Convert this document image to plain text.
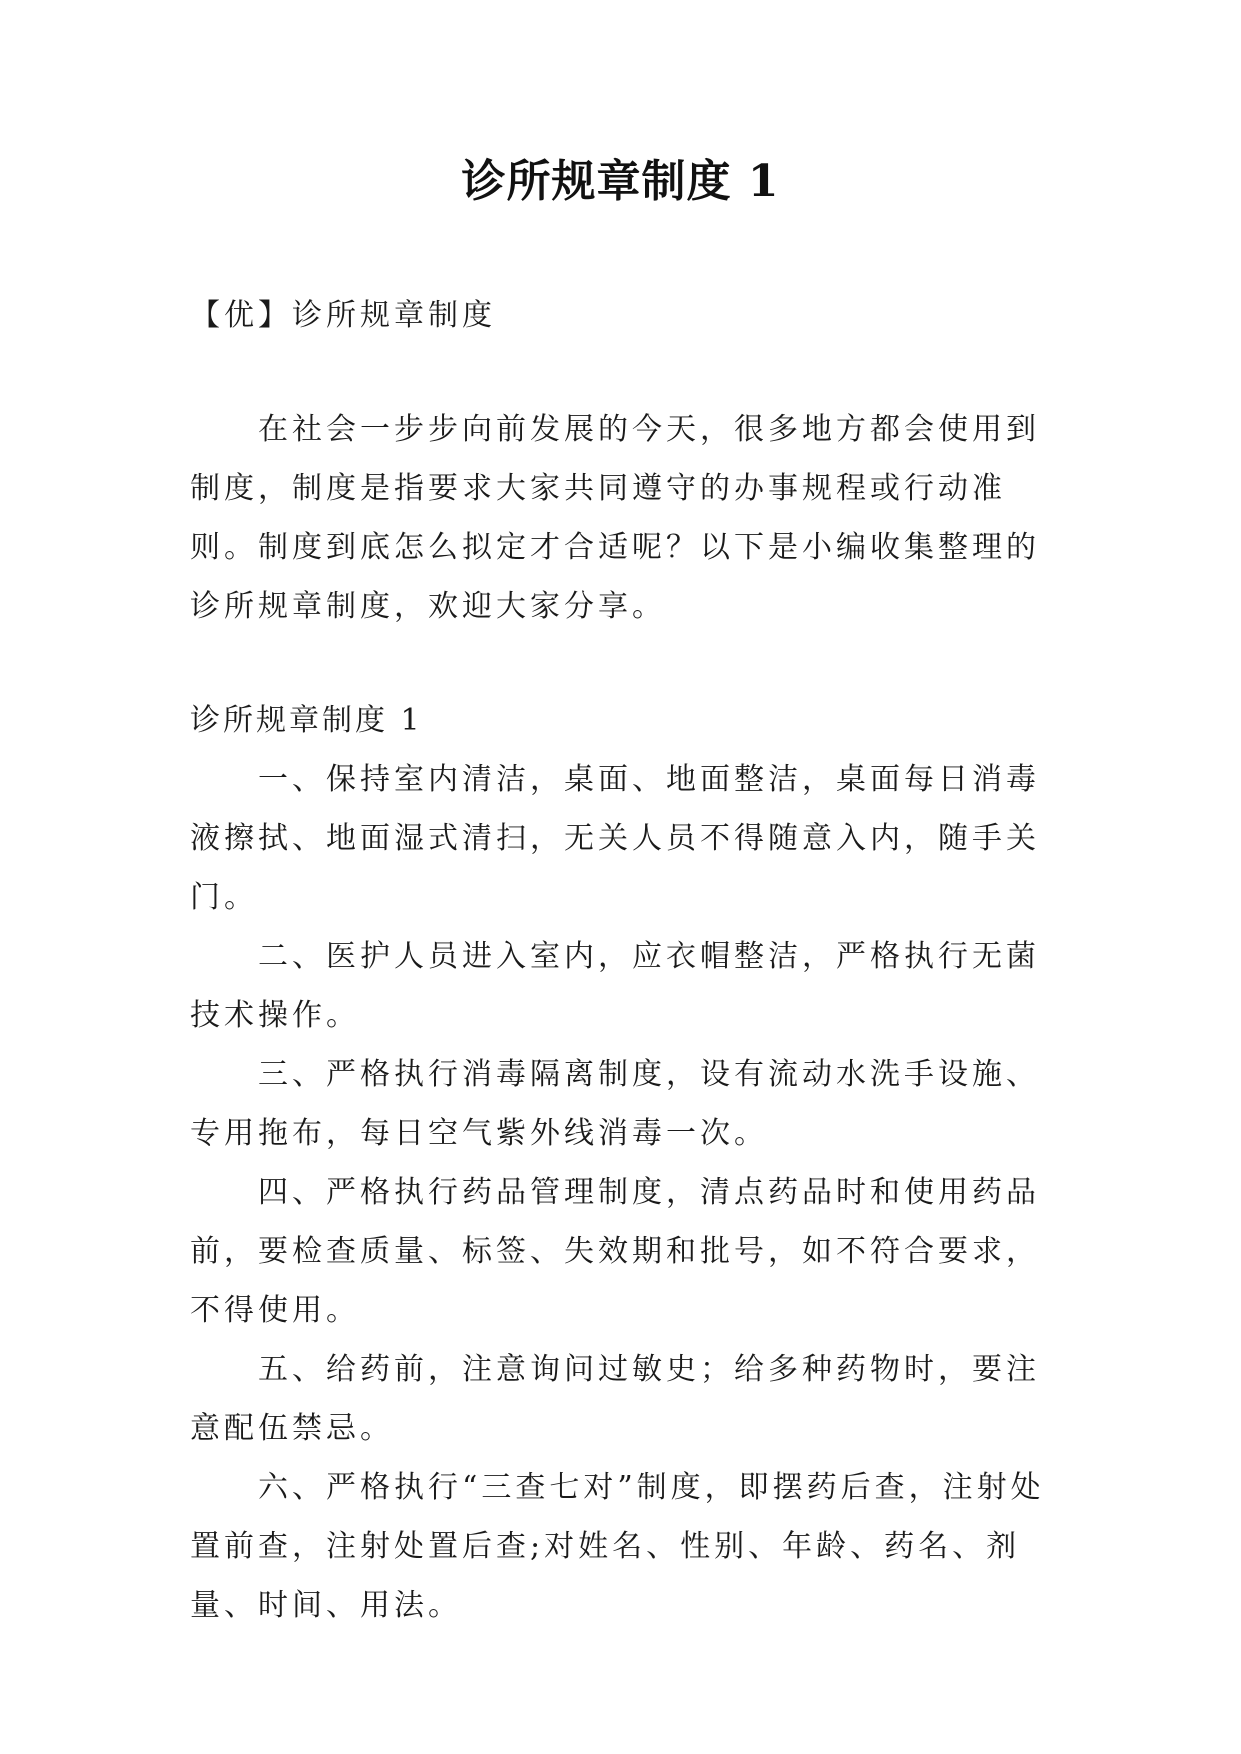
诊所规章制度 1

【优】诊所规章制度

在社会一步步向前发展的今天，很多地方都会使用到制度，制度是指要求大家共同遵守的办事规程或行动准则。制度到底怎么拟定才合适呢？以下是小编收集整理的诊所规章制度，欢迎大家分享。

诊所规章制度 1

一、保持室内清洁，桌面、地面整洁，桌面每日消毒液擦拭、地面湿式清扫，无关人员不得随意入内，随手关门。

二、医护人员进入室内，应衣帽整洁，严格执行无菌技术操作。

三、严格执行消毒隔离制度，设有流动水洗手设施、专用拖布，每日空气紫外线消毒一次。

四、严格执行药品管理制度，清点药品时和使用药品前，要检查质量、标签、失效期和批号，如不符合要求，不得使用。

五、给药前，注意询问过敏史；给多种药物时，要注意配伍禁忌。

六、严格执行“三查七对”制度，即摆药后查，注射处置前查，注射处置后查;对姓名、性别、年龄、药名、剂量、时间、用法。
